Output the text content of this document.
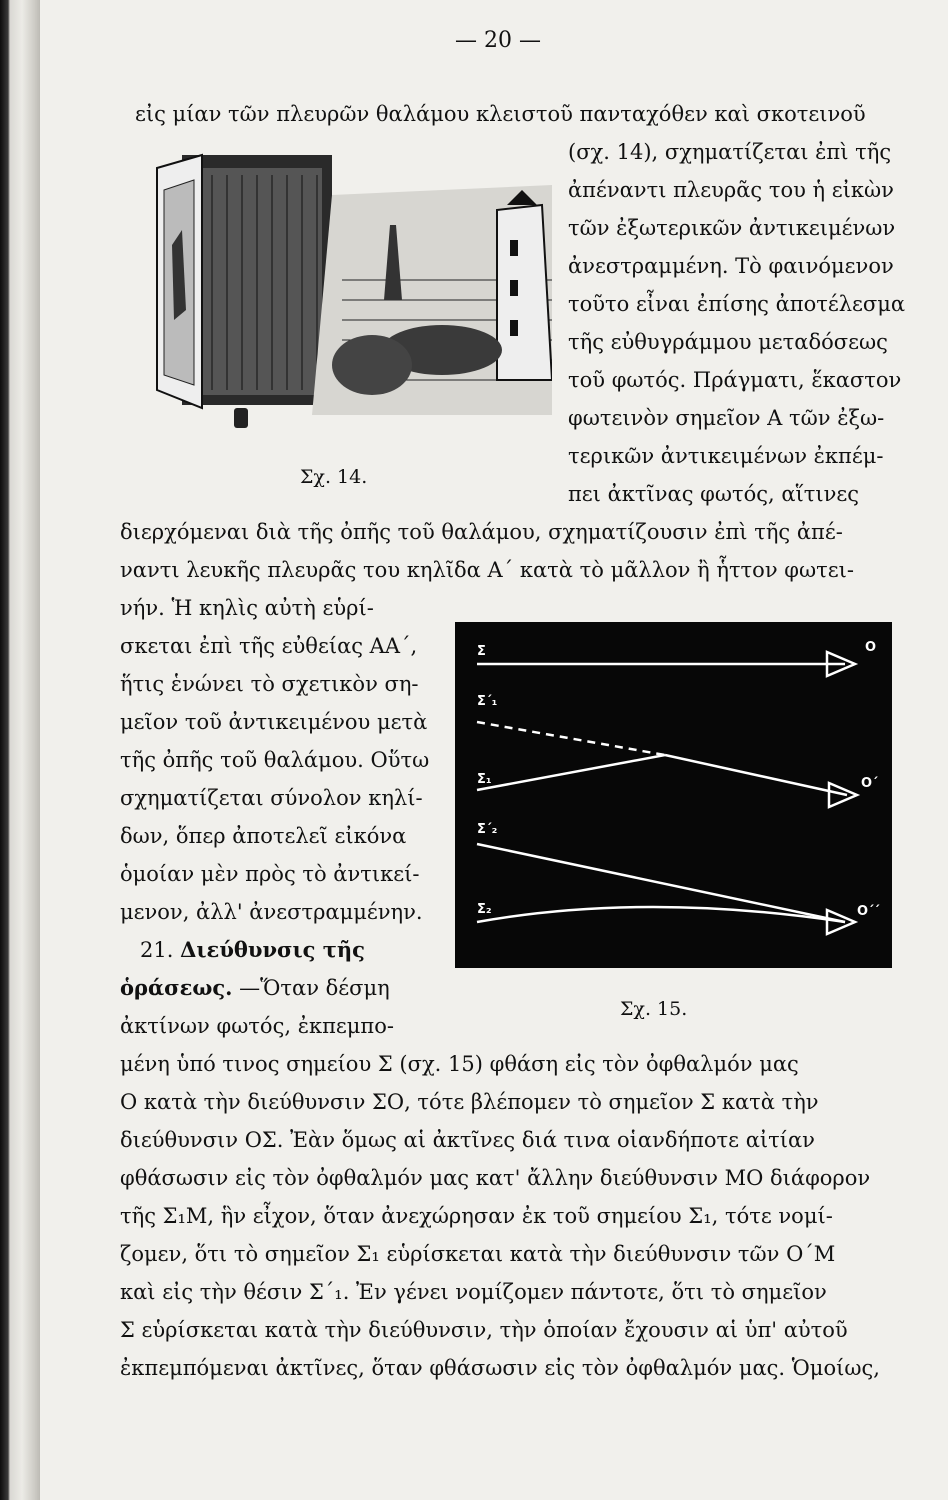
— 20 —
Σχ. 14.
Σ
Σ΄₁
Σ₁
Σ΄₂
Σ₂
O
O΄
O΄΄
Σχ. 15.
εἰς μίαν τῶν πλευρῶν θαλάμου κλειστοῦ πανταχόθεν καὶ σκοτεινοῦ
(σχ. 14), σχηματίζεται ἐπὶ τῆς
ἀπέναντι πλευρᾶς του ἡ εἰκὼν
τῶν ἐξωτερικῶν ἀντικειμένων
ἀνεστραμμένη. Τὸ φαινόμενον
τοῦτο εἶναι ἐπίσης ἀποτέλεσμα
τῆς εὐθυγράμμου μεταδόσεως
τοῦ φωτός. Πράγματι, ἕκαστον
φωτεινὸν σημεῖον Α τῶν ἐξω-
τερικῶν ἀντικειμένων ἐκπέμ-
πει ἀκτῖνας φωτός, αἵτινες
διερχόμεναι διὰ τῆς ὀπῆς τοῦ θαλάμου, σχηματίζουσιν ἐπὶ τῆς ἀπέ-
ναντι λευκῆς πλευρᾶς του κηλῖδα Α΄ κατὰ τὸ μᾶλλον ἢ ἧττον φωτει-
νήν. Ἡ κηλὶς αὐτὴ εὑρί-
σκεται ἐπὶ τῆς εὐθείας ΑΑ΄,
ἥτις ἑνώνει τὸ σχετικὸν ση-
μεῖον τοῦ ἀντικειμένου μετὰ
τῆς ὀπῆς τοῦ θαλάμου. Οὕτω
σχηματίζεται σύνολον κηλί-
δων, ὅπερ ἀποτελεῖ εἰκόνα
ὁμοίαν μὲν πρὸς τὸ ἀντικεί-
μενον, ἀλλ' ἀνεστραμμένην.
21. Διεύθυνσις τῆς
ὁράσεως. —Ὅταν δέσμη
ἀκτίνων φωτός, ἐκπεμπο-
μένη ὑπό τινος σημείου Σ (σχ. 15) φθάση εἰς τὸν ὀφθαλμόν μας
Ο κατὰ τὴν διεύθυνσιν ΣΟ, τότε βλέπομεν τὸ σημεῖον Σ κατὰ τὴν
διεύθυνσιν ΟΣ. Ἐὰν ὅμως αἱ ἀκτῖνες διά τινα οἱανδήποτε αἰτίαν
φθάσωσιν εἰς τὸν ὀφθαλμόν μας κατ' ἄλλην διεύθυνσιν ΜΟ διάφορον
τῆς Σ₁Μ, ἣν εἶχον, ὅταν ἀνεχώρησαν ἐκ τοῦ σημείου Σ₁, τότε νομί-
ζομεν, ὅτι τὸ σημεῖον Σ₁ εὑρίσκεται κατὰ τὴν διεύθυνσιν τῶν Ο΄Μ
καὶ εἰς τὴν θέσιν Σ΄₁. Ἐν γένει νομίζομεν πάντοτε, ὅτι τὸ σημεῖον
Σ εὑρίσκεται κατὰ τὴν διεύθυνσιν, τὴν ὁποίαν ἔχουσιν αἱ ὑπ' αὐτοῦ
ἐκπεμπόμεναι ἀκτῖνες, ὅταν φθάσωσιν εἰς τὸν ὀφθαλμόν μας. Ὁμοίως,
